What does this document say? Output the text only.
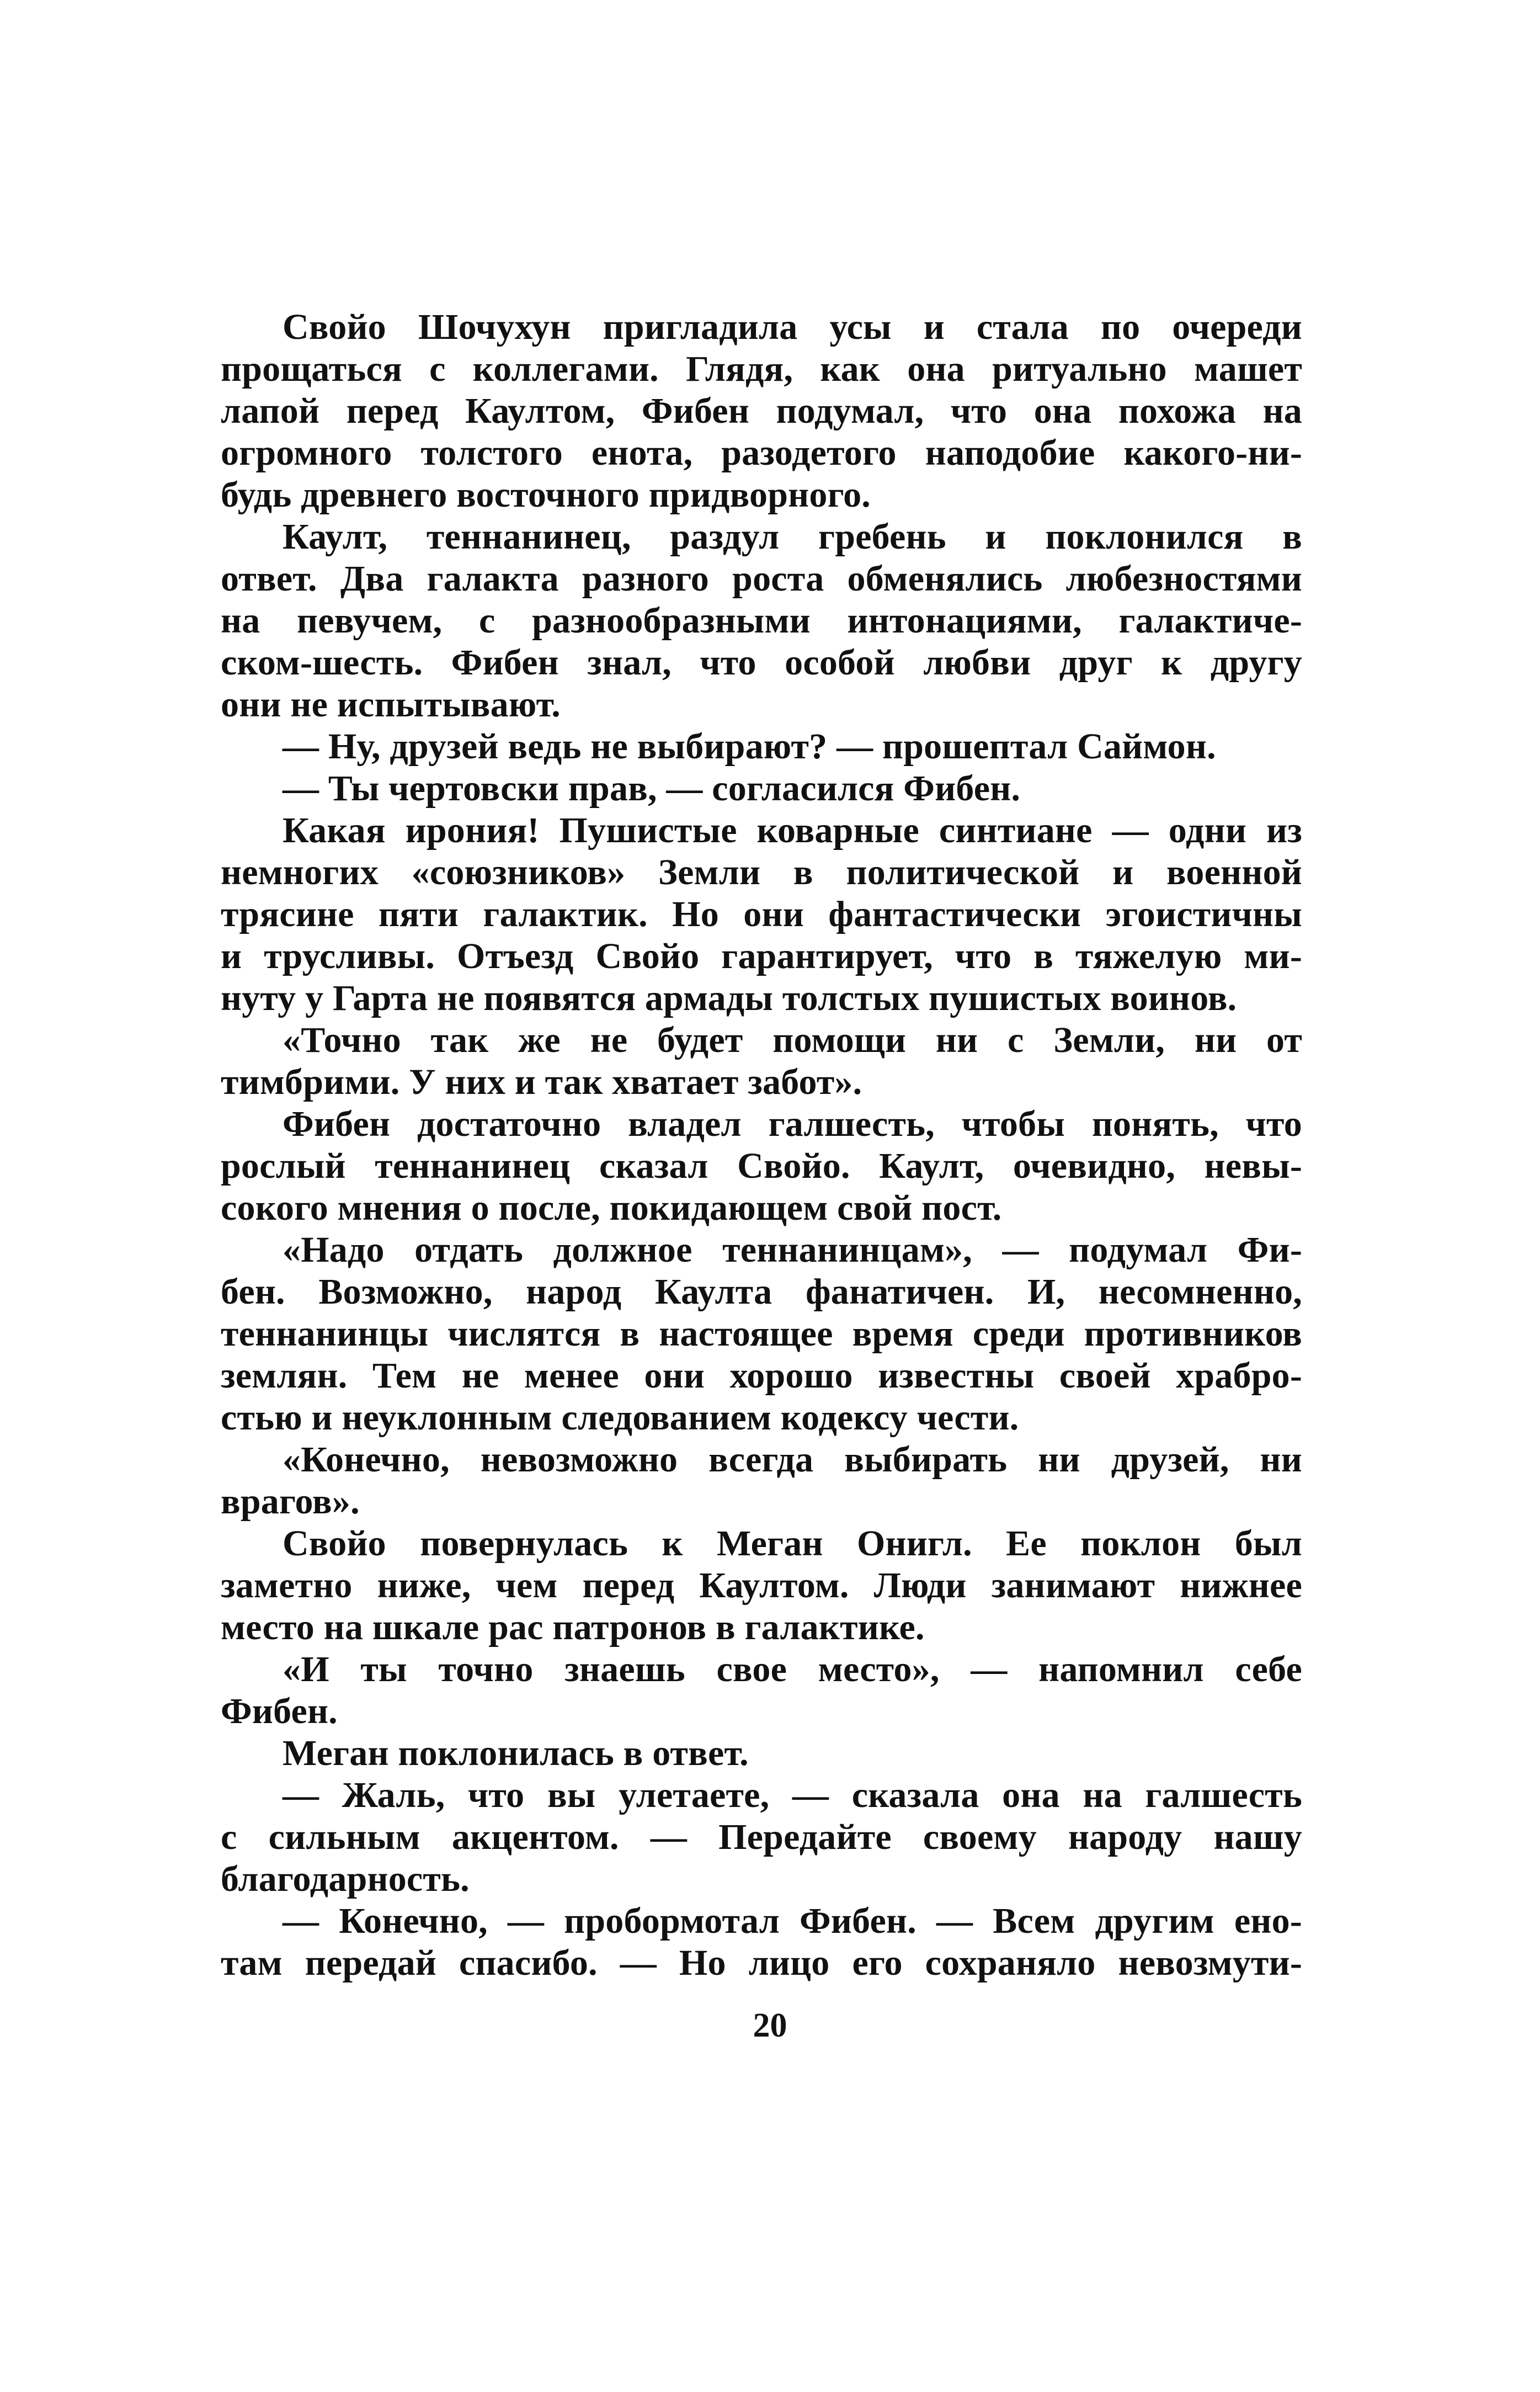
Свойо Шочухун пригладила усы и стала по очереди
прощаться с коллегами. Глядя, как она ритуально машет
лапой перед Каултом, Фибен подумал, что она похожа на
огромного толстого енота, разодетого наподобие какого-ни-
будь древнего восточного придворного.
Каулт, теннанинец, раздул гребень и поклонился в
ответ. Два галакта разного роста обменялись любезностями
на певучем, с разнообразными интонациями, галактиче-
ском-шесть. Фибен знал, что особой любви друг к другу
они не испытывают.
— Ну, друзей ведь не выбирают? — прошептал Саймон.
— Ты чертовски прав, — согласился Фибен.
Какая ирония! Пушистые коварные синтиане — одни из
немногих «союзников» Земли в политической и военной
трясине пяти галактик. Но они фантастически эгоистичны
и трусливы. Отъезд Свойо гарантирует, что в тяжелую ми-
нуту у Гарта не появятся армады толстых пушистых воинов.
«Точно так же не будет помощи ни с Земли, ни от
тимбрими. У них и так хватает забот».
Фибен достаточно владел галшесть, чтобы понять, что
рослый теннанинец сказал Свойо. Каулт, очевидно, невы-
сокого мнения о после, покидающем свой пост.
«Надо отдать должное теннанинцам», — подумал Фи-
бен. Возможно, народ Каулта фанатичен. И, несомненно,
теннанинцы числятся в настоящее время среди противников
землян. Тем не менее они хорошо известны своей храбро-
стью и неуклонным следованием кодексу чести.
«Конечно, невозможно всегда выбирать ни друзей, ни
врагов».
Свойо повернулась к Меган Онигл. Ее поклон был
заметно ниже, чем перед Каултом. Люди занимают нижнее
место на шкале рас патронов в галактике.
«И ты точно знаешь свое место», — напомнил себе
Фибен.
Меган поклонилась в ответ.
— Жаль, что вы улетаете, — сказала она на галшесть
с сильным акцентом. — Передайте своему народу нашу
благодарность.
— Конечно, — пробормотал Фибен. — Всем другим ено-
там передай спасибо. — Но лицо его сохраняло невозмути-
20
